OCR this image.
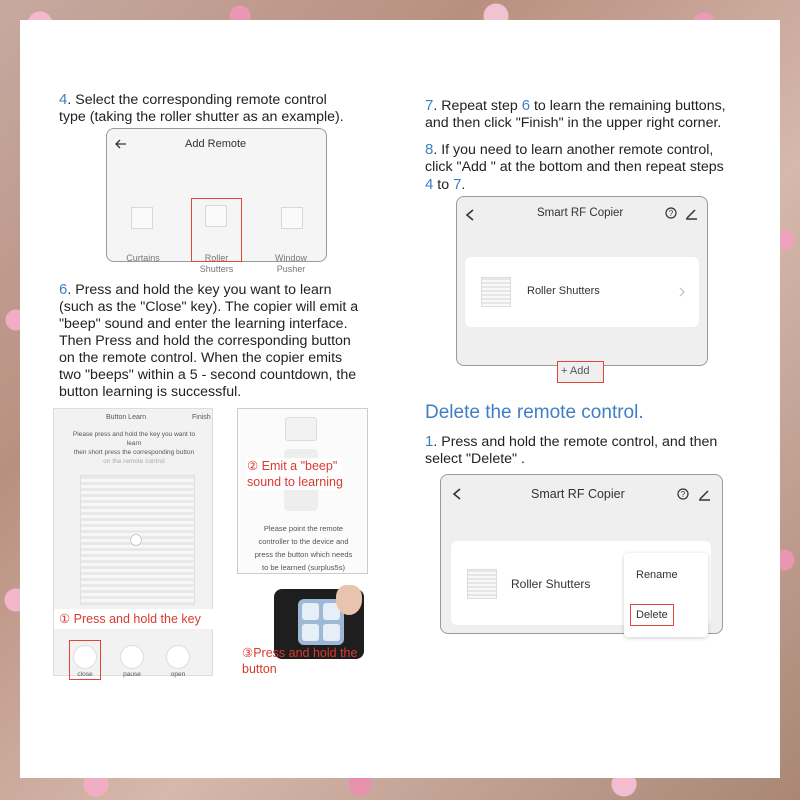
4. Select the corresponding remote control
type (taking the roller shutter as an example).
Add Remote
Curtains	Roller
Shutters
Window
Pusher
6. Press and hold the key you want to learn
(such as the "Close" key). The copier will emit a
"beep" sound and enter the learning interface.
Then Press and hold the corresponding button
on the remote control. When the copier emits
two "beeps" within a 5 - second countdown, the
button learning is successful.
Button Learn	Finish
Please press and hold the key you want to
learn
then short press the corresponding button
on the remote control
close	pause	open
① Press and hold the key
② Emit a "beep"
sound to learning
Please point the remote
controller to the device and
press the button which needs
to be learned (surplus5s)
③Press and hold the
button
7. Repeat step 6 to learn the remaining buttons,
and then click "Finish" in the upper right corner.
8. If you need to learn another remote control,
click "Add " at the bottom and then repeat steps
4 to 7.
Smart RF Copier	?
Roller Shutters
+ Add
Delete the remote control.
1. Press and hold the remote control, and then
select "Delete" .
Smart RF Copier	?
Roller Shutters
Rename
Delete
